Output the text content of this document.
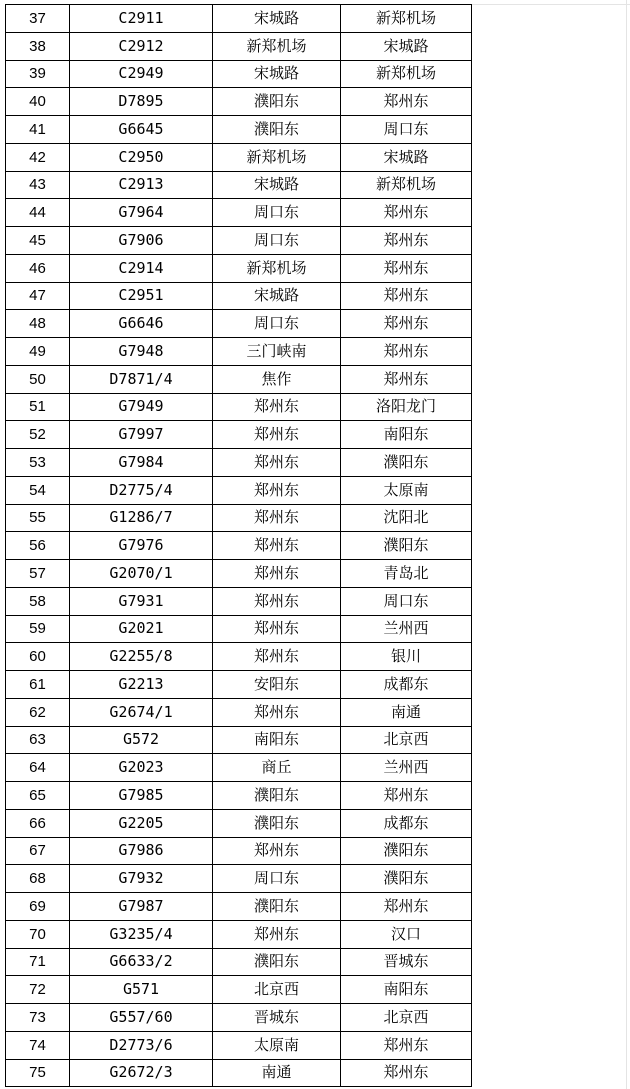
37	C2911	宋城路	新郑机场
38	C2912	新郑机场	宋城路
39	C2949	宋城路	新郑机场
40	D7895	濮阳东	郑州东
41	G6645	濮阳东	周口东
42	C2950	新郑机场	宋城路
43	C2913	宋城路	新郑机场
44	G7964	周口东	郑州东
45	G7906	周口东	郑州东
46	C2914	新郑机场	郑州东
47	C2951	宋城路	郑州东
48	G6646	周口东	郑州东
49	G7948	三门峡南	郑州东
50	D7871/4	焦作	郑州东
51	G7949	郑州东	洛阳龙门
52	G7997	郑州东	南阳东
53	G7984	郑州东	濮阳东
54	D2775/4	郑州东	太原南
55	G1286/7	郑州东	沈阳北
56	G7976	郑州东	濮阳东
57	G2070/1	郑州东	青岛北
58	G7931	郑州东	周口东
59	G2021	郑州东	兰州西
60	G2255/8	郑州东	银川
61	G2213	安阳东	成都东
62	G2674/1	郑州东	南通
63	G572	南阳东	北京西
64	G2023	商丘	兰州西
65	G7985	濮阳东	郑州东
66	G2205	濮阳东	成都东
67	G7986	郑州东	濮阳东
68	G7932	周口东	濮阳东
69	G7987	濮阳东	郑州东
70	G3235/4	郑州东	汉口
71	G6633/2	濮阳东	晋城东
72	G571	北京西	南阳东
73	G557/60	晋城东	北京西
74	D2773/6	太原南	郑州东
75	G2672/3	南通	郑州东
